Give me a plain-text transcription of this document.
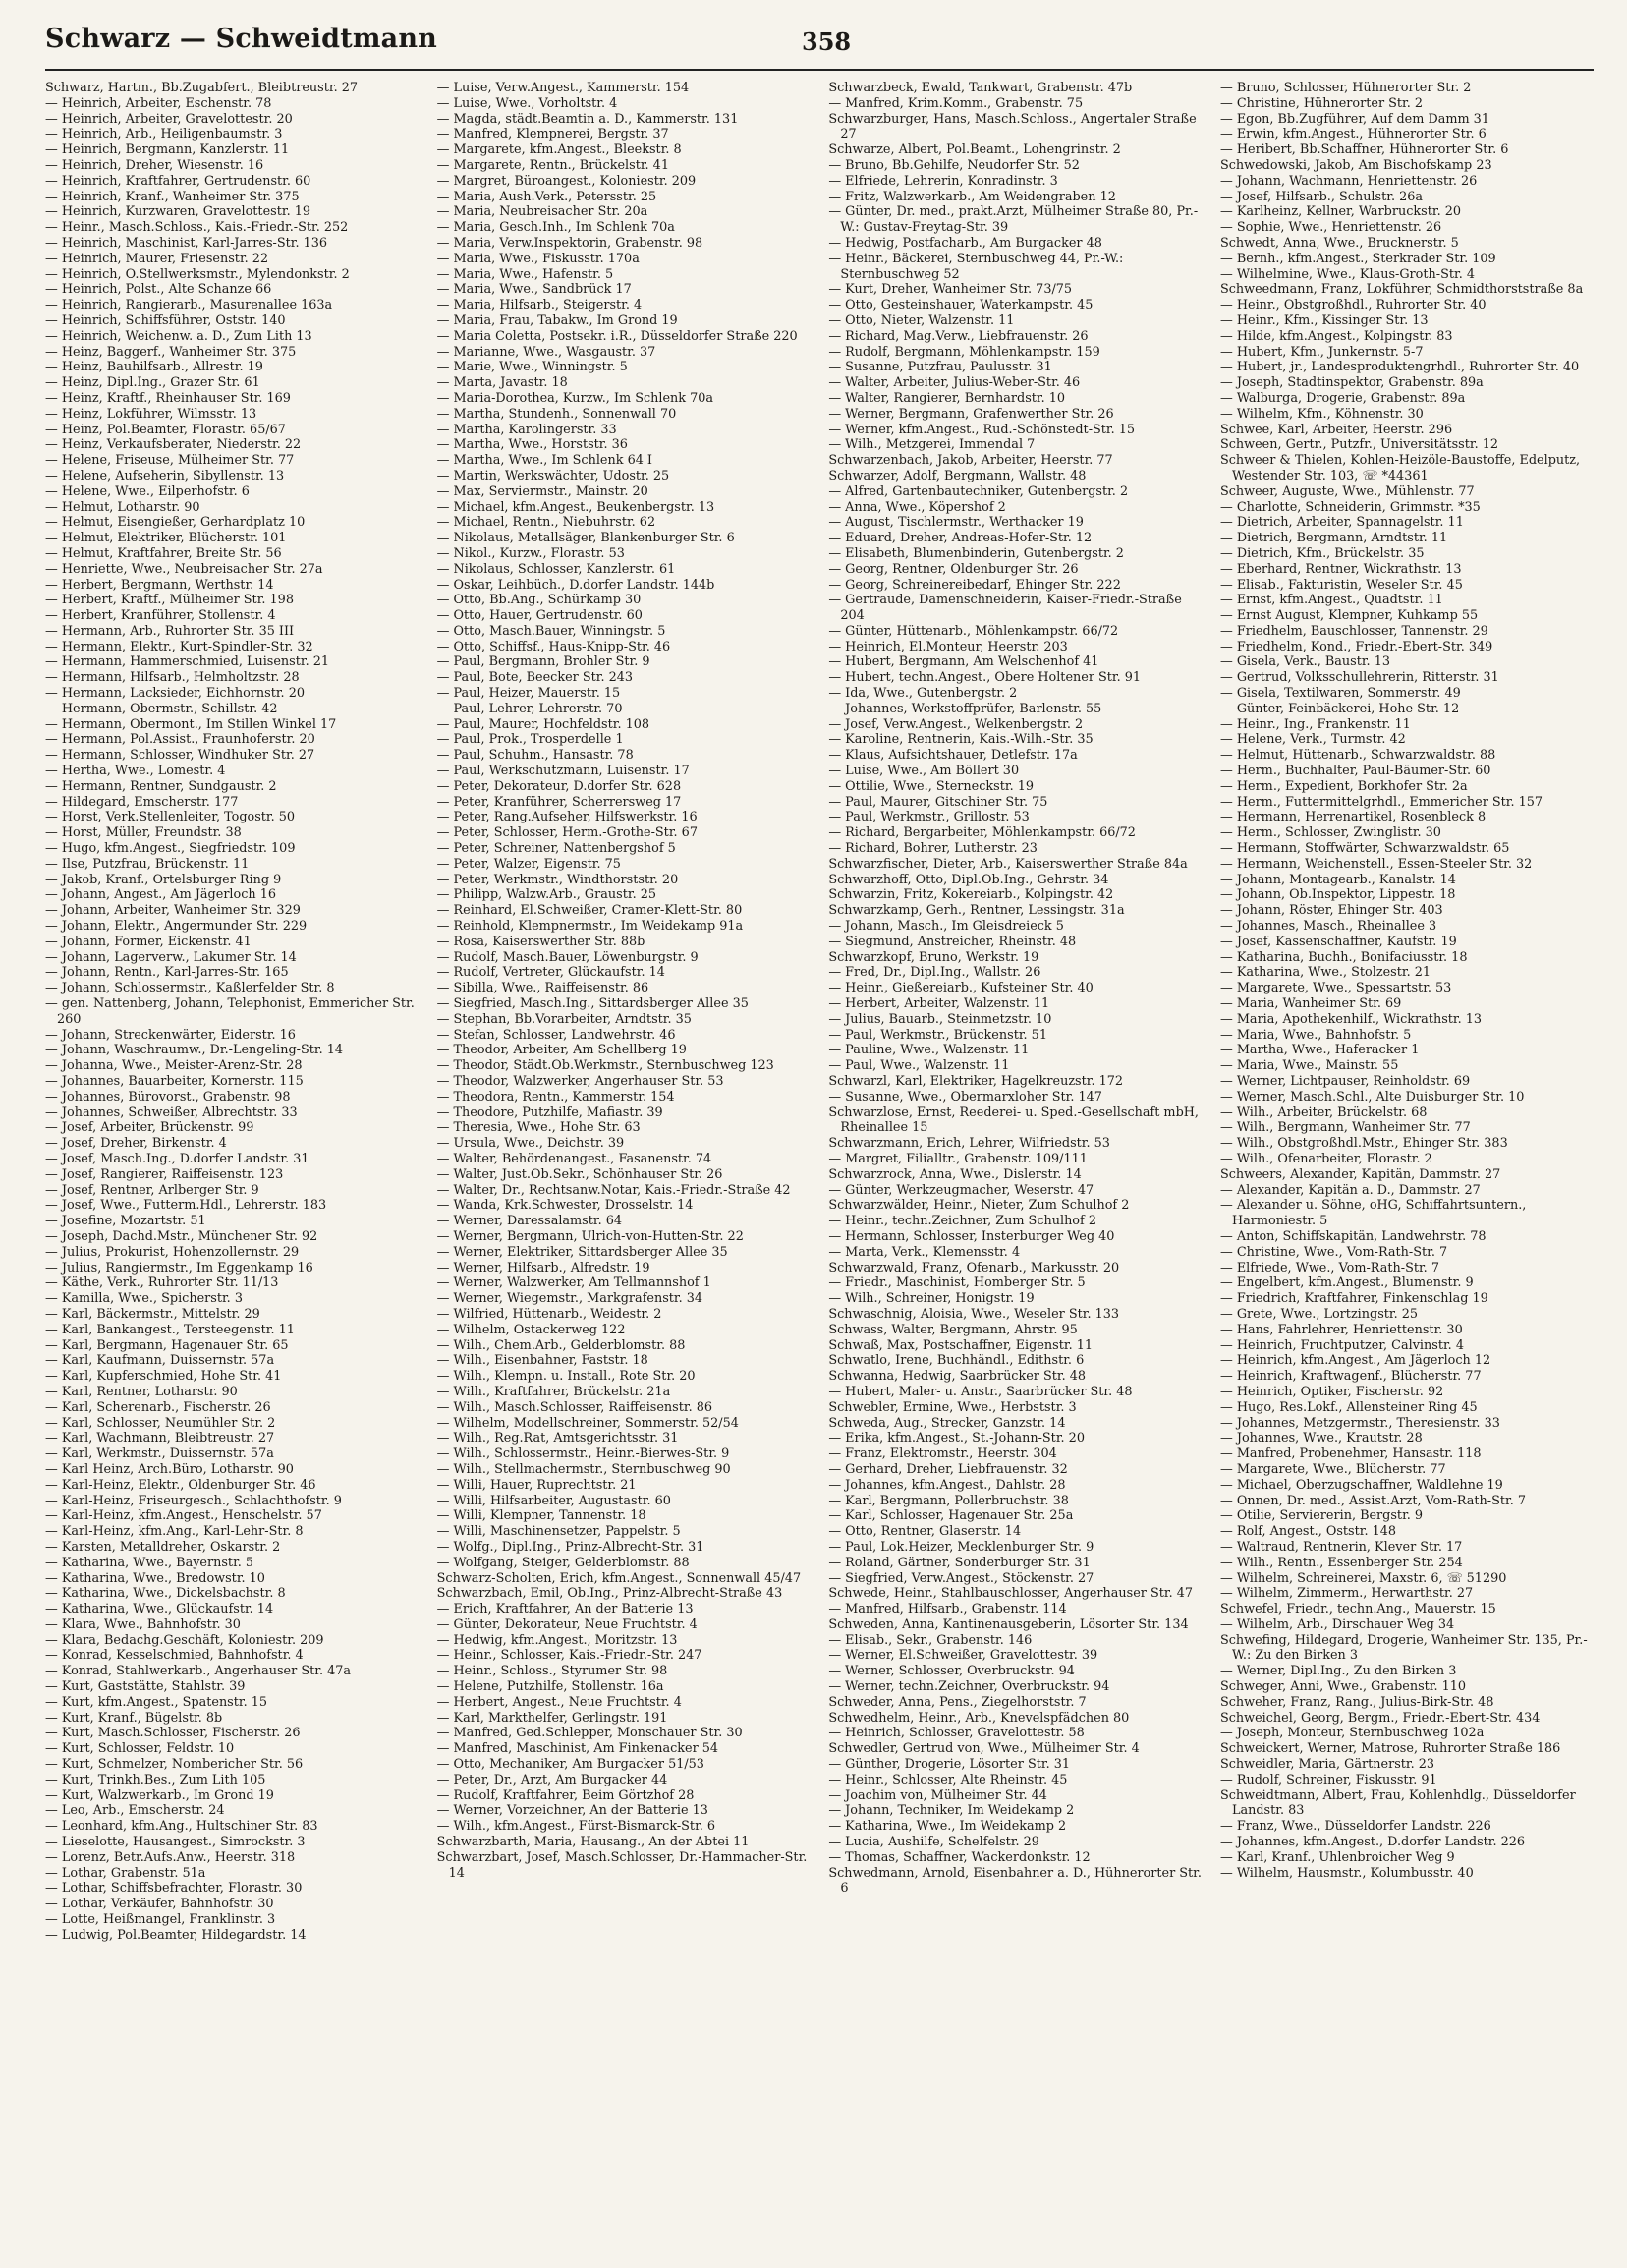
Schwarz — Schweidtmann	358

Schwarz, Hartm., Bb.Zugabfert., Bleibtreustr. 27

— Heinrich, Arbeiter, Eschenstr. 78

— Heinrich, Arbeiter, Gravelottestr. 20

— Heinrich, Arb., Heiligenbaumstr. 3

— Heinrich, Bergmann, Kanzlerstr. 11

— Heinrich, Dreher, Wiesenstr. 16

— Heinrich, Kraftfahrer, Gertrudenstr. 60

— Heinrich, Kranf., Wanheimer Str. 375

— Heinrich, Kurzwaren, Gravelottestr. 19

— Heinr., Masch.Schloss., Kais.-Friedr.-Str. 252

— Heinrich, Maschinist, Karl-Jarres-Str. 136

— Heinrich, Maurer, Friesenstr. 22

— Heinrich, O.Stellwerksmstr., Mylendonkstr. 2

— Heinrich, Polst., Alte Schanze 66

— Heinrich, Rangierarb., Masurenallee 163a

— Heinrich, Schiffsführer, Oststr. 140

— Heinrich, Weichenw. a. D., Zum Lith 13

— Heinz, Baggerf., Wanheimer Str. 375

— Heinz, Bauhilfsarb., Allrestr. 19

— Heinz, Dipl.Ing., Grazer Str. 61

— Heinz, Kraftf., Rheinhauser Str. 169

— Heinz, Lokführer, Wilmsstr. 13

— Heinz, Pol.Beamter, Florastr. 65/67

— Heinz, Verkaufsberater, Niederstr. 22

— Helene, Friseuse, Mülheimer Str. 77

— Helene, Aufseherin, Sibyllenstr. 13

— Helene, Wwe., Eilperhofstr. 6

— Helmut, Lotharstr. 90

— Helmut, Eisengießer, Gerhardplatz 10

— Helmut, Elektriker, Blücherstr. 101

— Helmut, Kraftfahrer, Breite Str. 56

— Henriette, Wwe., Neubreisacher Str. 27a

— Herbert, Bergmann, Werthstr. 14

— Herbert, Kraftf., Mülheimer Str. 198

— Herbert, Kranführer, Stollenstr. 4

— Hermann, Arb., Ruhrorter Str. 35 III

— Hermann, Elektr., Kurt-Spindler-Str. 32

— Hermann, Hammerschmied, Luisenstr. 21

— Hermann, Hilfsarb., Helmholtzstr. 28

— Hermann, Lacksieder, Eichhornstr. 20

— Hermann, Obermstr., Schillstr. 42

— Hermann, Obermont., Im Stillen Winkel 17

— Hermann, Pol.Assist., Fraunhoferstr. 20

— Hermann, Schlosser, Windhuker Str. 27

— Hertha, Wwe., Lomestr. 4

— Hermann, Rentner, Sundgaustr. 2

— Hildegard, Emscherstr. 177

— Horst, Verk.Stellenleiter, Togostr. 50

— Horst, Müller, Freundstr. 38

— Hugo, kfm.Angest., Siegfriedstr. 109

— Ilse, Putzfrau, Brückenstr. 11

— Jakob, Kranf., Ortelsburger Ring 9

— Johann, Angest., Am Jägerloch 16

— Johann, Arbeiter, Wanheimer Str. 329

— Johann, Elektr., Angermunder Str. 229

— Johann, Former, Eickenstr. 41

— Johann, Lagerverw., Lakumer Str. 14

— Johann, Rentn., Karl-Jarres-Str. 165

— Johann, Schlossermstr., Kaßlerfelder Str. 8

— gen. Nattenberg, Johann, Telephonist, Emmericher Str. 260

— Johann, Streckenwärter, Eiderstr. 16

— Johann, Waschraumw., Dr.-Lengeling-Str. 14

— Johanna, Wwe., Meister-Arenz-Str. 28

— Johannes, Bauarbeiter, Kornerstr. 115

— Johannes, Bürovorst., Grabenstr. 98

— Johannes, Schweißer, Albrechtstr. 33

— Josef, Arbeiter, Brückenstr. 99

— Josef, Dreher, Birkenstr. 4

— Josef, Masch.Ing., D.dorfer Landstr. 31

— Josef, Rangierer, Raiffeisenstr. 123

— Josef, Rentner, Arlberger Str. 9

— Josef, Wwe., Futterm.Hdl., Lehrerstr. 183

— Josefine, Mozartstr. 51

— Joseph, Dachd.Mstr., Münchener Str. 92

— Julius, Prokurist, Hohenzollernstr. 29

— Julius, Rangiermstr., Im Eggenkamp 16

— Käthe, Verk., Ruhrorter Str. 11/13

— Kamilla, Wwe., Spicherstr. 3

— Karl, Bäckermstr., Mittelstr. 29

— Karl, Bankangest., Tersteegenstr. 11

— Karl, Bergmann, Hagenauer Str. 65

— Karl, Kaufmann, Duissernstr. 57a

— Karl, Kupferschmied, Hohe Str. 41

— Karl, Rentner, Lotharstr. 90

— Karl, Scherenarb., Fischerstr. 26

— Karl, Schlosser, Neumühler Str. 2

— Karl, Wachmann, Bleibtreustr. 27

— Karl, Werkmstr., Duissernstr. 57a

— Karl Heinz, Arch.Büro, Lotharstr. 90

— Karl-Heinz, Elektr., Oldenburger Str. 46

— Karl-Heinz, Friseurgesch., Schlachthofstr. 9

— Karl-Heinz, kfm.Angest., Henschelstr. 57

— Karl-Heinz, kfm.Ang., Karl-Lehr-Str. 8

— Karsten, Metalldreher, Oskarstr. 2

— Katharina, Wwe., Bayernstr. 5

— Katharina, Wwe., Bredowstr. 10

— Katharina, Wwe., Dickelsbachstr. 8

— Katharina, Wwe., Glückaufstr. 14

— Klara, Wwe., Bahnhofstr. 30

— Klara, Bedachg.Geschäft, Koloniestr. 209

— Konrad, Kesselschmied, Bahnhofstr. 4

— Konrad, Stahlwerkarb., Angerhauser Str. 47a

— Kurt, Gaststätte, Stahlstr. 39

— Kurt, kfm.Angest., Spatenstr. 15

— Kurt, Kranf., Bügelstr. 8b

— Kurt, Masch.Schlosser, Fischerstr. 26

— Kurt, Schlosser, Feldstr. 10

— Kurt, Schmelzer, Nombericher Str. 56

— Kurt, Trinkh.Bes., Zum Lith 105

— Kurt, Walzwerkarb., Im Grond 19

— Leo, Arb., Emscherstr. 24

— Leonhard, kfm.Ang., Hultschiner Str. 83

— Lieselotte, Hausangest., Simrockstr. 3

— Lorenz, Betr.Aufs.Anw., Heerstr. 318

— Lothar, Grabenstr. 51a

— Lothar, Schiffsbefrachter, Florastr. 30

— Lothar, Verkäufer, Bahnhofstr. 30

— Lotte, Heißmangel, Franklinstr. 3

— Ludwig, Pol.Beamter, Hildegardstr. 14

— Luise, Verw.Angest., Kammerstr. 154

— Luise, Wwe., Vorholtstr. 4

— Magda, städt.Beamtin a. D., Kammerstr. 131

— Manfred, Klempnerei, Bergstr. 37

— Margarete, kfm.Angest., Bleekstr. 8

— Margarete, Rentn., Brückelstr. 41

— Margret, Büroangest., Koloniestr. 209

— Maria, Aush.Verk., Petersstr. 25

— Maria, Neubreisacher Str. 20a

— Maria, Gesch.Inh., Im Schlenk 70a

— Maria, Verw.Inspektorin, Grabenstr. 98

— Maria, Wwe., Fiskusstr. 170a

— Maria, Wwe., Hafenstr. 5

— Maria, Wwe., Sandbrück 17

— Maria, Hilfsarb., Steigerstr. 4

— Maria, Frau, Tabakw., Im Grond 19

— Maria Coletta, Postsekr. i.R., Düsseldorfer Straße 220

— Marianne, Wwe., Wasgaustr. 37

— Marie, Wwe., Winningstr. 5

— Marta, Javastr. 18

— Maria-Dorothea, Kurzw., Im Schlenk 70a

— Martha, Stundenh., Sonnenwall 70

— Martha, Karolingerstr. 33

— Martha, Wwe., Horststr. 36

— Martha, Wwe., Im Schlenk 64 I

— Martin, Werkswächter, Udostr. 25

— Max, Serviermstr., Mainstr. 20

— Michael, kfm.Angest., Beukenbergstr. 13

— Michael, Rentn., Niebuhrstr. 62

— Nikolaus, Metallsäger, Blankenburger Str. 6

— Nikol., Kurzw., Florastr. 53

— Nikolaus, Schlosser, Kanzlerstr. 61

— Oskar, Leihbüch., D.dorfer Landstr. 144b

— Otto, Bb.Ang., Schürkamp 30

— Otto, Hauer, Gertrudenstr. 60

— Otto, Masch.Bauer, Winningstr. 5

— Otto, Schiffsf., Haus-Knipp-Str. 46

— Paul, Bergmann, Brohler Str. 9

— Paul, Bote, Beecker Str. 243

— Paul, Heizer, Mauerstr. 15

— Paul, Lehrer, Lehrerstr. 70

— Paul, Maurer, Hochfeldstr. 108

— Paul, Prok., Trosperdelle 1

— Paul, Schuhm., Hansastr. 78

— Paul, Werkschutzmann, Luisenstr. 17

— Peter, Dekorateur, D.dorfer Str. 628

— Peter, Kranführer, Scherrersweg 17

— Peter, Rang.Aufseher, Hilfswerkstr. 16

— Peter, Schlosser, Herm.-Grothe-Str. 67

— Peter, Schreiner, Nattenbergshof 5

— Peter, Walzer, Eigenstr. 75

— Peter, Werkmstr., Windthorststr. 20

— Philipp, Walzw.Arb., Graustr. 25

— Reinhard, El.Schweißer, Cramer-Klett-Str. 80

— Reinhold, Klempnermstr., Im Weidekamp 91a

— Rosa, Kaiserswerther Str. 88b

— Rudolf, Masch.Bauer, Löwenburgstr. 9

— Rudolf, Vertreter, Glückaufstr. 14

— Sibilla, Wwe., Raiffeisenstr. 86

— Siegfried, Masch.Ing., Sittardsberger Allee 35

— Stephan, Bb.Vorarbeiter, Arndtstr. 35

— Stefan, Schlosser, Landwehrstr. 46

— Theodor, Arbeiter, Am Schellberg 19

— Theodor, Städt.Ob.Werkmstr., Sternbuschweg 123

— Theodor, Walzwerker, Angerhauser Str. 53

— Theodora, Rentn., Kammerstr. 154

— Theodore, Putzhilfe, Mafiastr. 39

— Theresia, Wwe., Hohe Str. 63

— Ursula, Wwe., Deichstr. 39

— Walter, Behördenangest., Fasanenstr. 74

— Walter, Just.Ob.Sekr., Schönhauser Str. 26

— Walter, Dr., Rechtsanw.Notar, Kais.-Friedr.-Straße 42

— Wanda, Krk.Schwester, Drosselstr. 14

— Werner, Daressalamstr. 64

— Werner, Bergmann, Ulrich-von-Hutten-Str. 22

— Werner, Elektriker, Sittardsberger Allee 35

— Werner, Hilfsarb., Alfredstr. 19

— Werner, Walzwerker, Am Tellmannshof 1

— Werner, Wiegemstr., Markgrafenstr. 34

— Wilfried, Hüttenarb., Weidestr. 2

— Wilhelm, Ostackerweg 122

— Wilh., Chem.Arb., Gelderblomstr. 88

— Wilh., Eisenbahner, Faststr. 18

— Wilh., Klempn. u. Install., Rote Str. 20

— Wilh., Kraftfahrer, Brückelstr. 21a

— Wilh., Masch.Schlosser, Raiffeisenstr. 86

— Wilhelm, Modellschreiner, Sommerstr. 52/54

— Wilh., Reg.Rat, Amtsgerichtsstr. 31

— Wilh., Schlossermstr., Heinr.-Bierwes-Str. 9

— Wilh., Stellmachermstr., Sternbuschweg 90

— Willi, Hauer, Ruprechtstr. 21

— Willi, Hilfsarbeiter, Augustastr. 60

— Willi, Klempner, Tannenstr. 18

— Willi, Maschinensetzer, Pappelstr. 5

— Wolfg., Dipl.Ing., Prinz-Albrecht-Str. 31

— Wolfgang, Steiger, Gelderblomstr. 88

Schwarz-Scholten, Erich, kfm.Angest., Sonnenwall 45/47

Schwarzbach, Emil, Ob.Ing., Prinz-Albrecht-Straße 43

— Erich, Kraftfahrer, An der Batterie 13

— Günter, Dekorateur, Neue Fruchtstr. 4

— Hedwig, kfm.Angest., Moritzstr. 13

— Heinr., Schlosser, Kais.-Friedr.-Str. 247

— Heinr., Schloss., Styrumer Str. 98

— Helene, Putzhilfe, Stollenstr. 16a

— Herbert, Angest., Neue Fruchtstr. 4

— Karl, Markthelfer, Gerlingstr. 191

— Manfred, Ged.Schlepper, Monschauer Str. 30

— Manfred, Maschinist, Am Finkenacker 54

— Otto, Mechaniker, Am Burgacker 51/53

— Peter, Dr., Arzt, Am Burgacker 44

— Rudolf, Kraftfahrer, Beim Görtzhof 28

— Werner, Vorzeichner, An der Batterie 13

— Wilh., kfm.Angest., Fürst-Bismarck-Str. 6

Schwarzbarth, Maria, Hausang., An der Abtei 11

Schwarzbart, Josef, Masch.Schlosser, Dr.-Hammacher-Str. 14

Schwarzbeck, Ewald, Tankwart, Grabenstr. 47b

— Manfred, Krim.Komm., Grabenstr. 75

Schwarzburger, Hans, Masch.Schloss., Angertaler Straße 27

Schwarze, Albert, Pol.Beamt., Lohengrinstr. 2

— Bruno, Bb.Gehilfe, Neudorfer Str. 52

— Elfriede, Lehrerin, Konradinstr. 3

— Fritz, Walzwerkarb., Am Weidengraben 12

— Günter, Dr. med., prakt.Arzt, Mülheimer Straße 80, Pr.-W.: Gustav-Freytag-Str. 39

— Hedwig, Postfacharb., Am Burgacker 48

— Heinr., Bäckerei, Sternbuschweg 44, Pr.-W.: Sternbuschweg 52

— Kurt, Dreher, Wanheimer Str. 73/75

— Otto, Gesteinshauer, Waterkampstr. 45

— Otto, Nieter, Walzenstr. 11

— Richard, Mag.Verw., Liebfrauenstr. 26

— Rudolf, Bergmann, Möhlenkampstr. 159

— Susanne, Putzfrau, Paulusstr. 31

— Walter, Arbeiter, Julius-Weber-Str. 46

— Walter, Rangierer, Bernhardstr. 10

— Werner, Bergmann, Grafenwerther Str. 26

— Werner, kfm.Angest., Rud.-Schönstedt-Str. 15

— Wilh., Metzgerei, Immendal 7

Schwarzenbach, Jakob, Arbeiter, Heerstr. 77

Schwarzer, Adolf, Bergmann, Wallstr. 48

— Alfred, Gartenbautechniker, Gutenbergstr. 2

— Anna, Wwe., Köpershof 2

— August, Tischlermstr., Werthacker 19

— Eduard, Dreher, Andreas-Hofer-Str. 12

— Elisabeth, Blumenbinderin, Gutenbergstr. 2

— Georg, Rentner, Oldenburger Str. 26

— Georg, Schreinereibedarf, Ehinger Str. 222

— Gertraude, Damenschneiderin, Kaiser-Friedr.-Straße 204

— Günter, Hüttenarb., Möhlenkampstr. 66/72

— Heinrich, El.Monteur, Heerstr. 203

— Hubert, Bergmann, Am Welschenhof 41

— Hubert, techn.Angest., Obere Holtener Str. 91

— Ida, Wwe., Gutenbergstr. 2

— Johannes, Werkstoffprüfer, Barlenstr. 55

— Josef, Verw.Angest., Welkenbergstr. 2

— Karoline, Rentnerin, Kais.-Wilh.-Str. 35

— Klaus, Aufsichtshauer, Detlefstr. 17a

— Luise, Wwe., Am Böllert 30

— Ottilie, Wwe., Sterneckstr. 19

— Paul, Maurer, Gitschiner Str. 75

— Paul, Werkmstr., Grillostr. 53

— Richard, Bergarbeiter, Möhlenkampstr. 66/72

— Richard, Bohrer, Lutherstr. 23

Schwarzfischer, Dieter, Arb., Kaiserswerther Straße 84a

Schwarzhoff, Otto, Dipl.Ob.Ing., Gehrstr. 34

Schwarzin, Fritz, Kokereiarb., Kolpingstr. 42

Schwarzkamp, Gerh., Rentner, Lessingstr. 31a

— Johann, Masch., Im Gleisdreieck 5

— Siegmund, Anstreicher, Rheinstr. 48

Schwarzkopf, Bruno, Werkstr. 19

— Fred, Dr., Dipl.Ing., Wallstr. 26

— Heinr., Gießereiarb., Kufsteiner Str. 40

— Herbert, Arbeiter, Walzenstr. 11

— Julius, Bauarb., Steinmetzstr. 10

— Paul, Werkmstr., Brückenstr. 51

— Pauline, Wwe., Walzenstr. 11

— Paul, Wwe., Walzenstr. 11

Schwarzl, Karl, Elektriker, Hagelkreuzstr. 172

— Susanne, Wwe., Obermarxloher Str. 147

Schwarzlose, Ernst, Reederei- u. Sped.-Gesellschaft mbH, Rheinallee 15

Schwarzmann, Erich, Lehrer, Wilfriedstr. 53

— Margret, Filialltr., Grabenstr. 109/111

Schwarzrock, Anna, Wwe., Dislerstr. 14

— Günter, Werkzeugmacher, Weserstr. 47

Schwarzwälder, Heinr., Nieter, Zum Schulhof 2

— Heinr., techn.Zeichner, Zum Schulhof 2

— Hermann, Schlosser, Insterburger Weg 40

— Marta, Verk., Klemensstr. 4

Schwarzwald, Franz, Ofenarb., Markusstr. 20

— Friedr., Maschinist, Homberger Str. 5

— Wilh., Schreiner, Honigstr. 19

Schwaschnig, Aloisia, Wwe., Weseler Str. 133

Schwass, Walter, Bergmann, Ahrstr. 95

Schwaß, Max, Postschaffner, Eigenstr. 11

Schwatlo, Irene, Buchhändl., Edithstr. 6

Schwanna, Hedwig, Saarbrücker Str. 48

— Hubert, Maler- u. Anstr., Saarbrücker Str. 48

Schwebler, Ermine, Wwe., Herbststr. 3

Schweda, Aug., Strecker, Ganzstr. 14

— Erika, kfm.Angest., St.-Johann-Str. 20

— Franz, Elektromstr., Heerstr. 304

— Gerhard, Dreher, Liebfrauenstr. 32

— Johannes, kfm.Angest., Dahlstr. 28

— Karl, Bergmann, Pollerbruchstr. 38

— Karl, Schlosser, Hagenauer Str. 25a

— Otto, Rentner, Glaserstr. 14

— Paul, Lok.Heizer, Mecklenburger Str. 9

— Roland, Gärtner, Sonderburger Str. 31

— Siegfried, Verw.Angest., Stöckenstr. 27

Schwede, Heinr., Stahlbauschlosser, Angerhauser Str. 47

— Manfred, Hilfsarb., Grabenstr. 114

Schweden, Anna, Kantinenausgeberin, Lösorter Str. 134

— Elisab., Sekr., Grabenstr. 146

— Werner, El.Schweißer, Gravelottestr. 39

— Werner, Schlosser, Overbruckstr. 94

— Werner, techn.Zeichner, Overbruckstr. 94

Schweder, Anna, Pens., Ziegelhorststr. 7

Schwedhelm, Heinr., Arb., Knevelspfädchen 80

— Heinrich, Schlosser, Gravelottestr. 58

Schwedler, Gertrud von, Wwe., Mülheimer Str. 4

— Günther, Drogerie, Lösorter Str. 31

— Heinr., Schlosser, Alte Rheinstr. 45

— Joachim von, Mülheimer Str. 44

— Johann, Techniker, Im Weidekamp 2

— Katharina, Wwe., Im Weidekamp 2

— Lucia, Aushilfe, Schelfelstr. 29

— Thomas, Schaffner, Wackerdonkstr. 12

Schwedmann, Arnold, Eisenbahner a. D., Hühnerorter Str. 6

— Bruno, Schlosser, Hühnerorter Str. 2

— Christine, Hühnerorter Str. 2

— Egon, Bb.Zugführer, Auf dem Damm 31

— Erwin, kfm.Angest., Hühnerorter Str. 6

— Heribert, Bb.Schaffner, Hühnerorter Str. 6

Schwedowski, Jakob, Am Bischofskamp 23

— Johann, Wachmann, Henriettenstr. 26

— Josef, Hilfsarb., Schulstr. 26a

— Karlheinz, Kellner, Warbruckstr. 20

— Sophie, Wwe., Henriettenstr. 26

Schwedt, Anna, Wwe., Brucknerstr. 5

— Bernh., kfm.Angest., Sterkrader Str. 109

— Wilhelmine, Wwe., Klaus-Groth-Str. 4

Schweedmann, Franz, Lokführer, Schmidthorststraße 8a

— Heinr., Obstgroßhdl., Ruhrorter Str. 40

— Heinr., Kfm., Kissinger Str. 13

— Hilde, kfm.Angest., Kolpingstr. 83

— Hubert, Kfm., Junkernstr. 5-7

— Hubert, jr., Landesproduktengrhdl., Ruhrorter Str. 40

— Joseph, Stadtinspektor, Grabenstr. 89a

— Walburga, Drogerie, Grabenstr. 89a

— Wilhelm, Kfm., Köhnenstr. 30

Schwee, Karl, Arbeiter, Heerstr. 296

Schween, Gertr., Putzfr., Universitätsstr. 12

Schweer & Thielen, Kohlen-Heizöle-Baustoffe, Edelputz, Westender Str. 103, ☏ *44361

Schweer, Auguste, Wwe., Mühlenstr. 77

— Charlotte, Schneiderin, Grimmstr. *35

— Dietrich, Arbeiter, Spannagelstr. 11

— Dietrich, Bergmann, Arndtstr. 11

— Dietrich, Kfm., Brückelstr. 35

— Eberhard, Rentner, Wickrathstr. 13

— Elisab., Fakturistin, Weseler Str. 45

— Ernst, kfm.Angest., Quadtstr. 11

— Ernst August, Klempner, Kuhkamp 55

— Friedhelm, Bauschlosser, Tannenstr. 29

— Friedhelm, Kond., Friedr.-Ebert-Str. 349

— Gisela, Verk., Baustr. 13

— Gertrud, Volksschullehrerin, Ritterstr. 31

— Gisela, Textilwaren, Sommerstr. 49

— Günter, Feinbäckerei, Hohe Str. 12

— Heinr., Ing., Frankenstr. 11

— Helene, Verk., Turmstr. 42

— Helmut, Hüttenarb., Schwarzwaldstr. 88

— Herm., Buchhalter, Paul-Bäumer-Str. 60

— Herm., Expedient, Borkhofer Str. 2a

— Herm., Futtermittelgrhdl., Emmericher Str. 157

— Hermann, Herrenartikel, Rosenbleck 8

— Herm., Schlosser, Zwinglistr. 30

— Hermann, Stoffwärter, Schwarzwaldstr. 65

— Hermann, Weichenstell., Essen-Steeler Str. 32

— Johann, Montagearb., Kanalstr. 14

— Johann, Ob.Inspektor, Lippestr. 18

— Johann, Röster, Ehinger Str. 403

— Johannes, Masch., Rheinallee 3

— Josef, Kassenschaffner, Kaufstr. 19

— Katharina, Buchh., Bonifaciusstr. 18

— Katharina, Wwe., Stolzestr. 21

— Margarete, Wwe., Spessartstr. 53

— Maria, Wanheimer Str. 69

— Maria, Apothekenhilf., Wickrathstr. 13

— Maria, Wwe., Bahnhofstr. 5

— Martha, Wwe., Haferacker 1

— Maria, Wwe., Mainstr. 55

— Werner, Lichtpauser, Reinholdstr. 69

— Werner, Masch.Schl., Alte Duisburger Str. 10

— Wilh., Arbeiter, Brückelstr. 68

— Wilh., Bergmann, Wanheimer Str. 77

— Wilh., Obstgroßhdl.Mstr., Ehinger Str. 383

— Wilh., Ofenarbeiter, Florastr. 2

Schweers, Alexander, Kapitän, Dammstr. 27

— Alexander, Kapitän a. D., Dammstr. 27

— Alexander u. Söhne, oHG, Schiffahrtsuntern., Harmoniestr. 5

— Anton, Schiffskapitän, Landwehrstr. 78

— Christine, Wwe., Vom-Rath-Str. 7

— Elfriede, Wwe., Vom-Rath-Str. 7

— Engelbert, kfm.Angest., Blumenstr. 9

— Friedrich, Kraftfahrer, Finkenschlag 19

— Grete, Wwe., Lortzingstr. 25

— Hans, Fahrlehrer, Henriettenstr. 30

— Heinrich, Fruchtputzer, Calvinstr. 4

— Heinrich, kfm.Angest., Am Jägerloch 12

— Heinrich, Kraftwagenf., Blücherstr. 77

— Heinrich, Optiker, Fischerstr. 92

— Hugo, Res.Lokf., Allensteiner Ring 45

— Johannes, Metzgermstr., Theresienstr. 33

— Johannes, Wwe., Krautstr. 28

— Manfred, Probenehmer, Hansastr. 118

— Margarete, Wwe., Blücherstr. 77

— Michael, Oberzugschaffner, Waldlehne 19

— Onnen, Dr. med., Assist.Arzt, Vom-Rath-Str. 7

— Otilie, Serviererin, Bergstr. 9

— Rolf, Angest., Oststr. 148

— Waltraud, Rentnerin, Klever Str. 17

— Wilh., Rentn., Essenberger Str. 254

— Wilhelm, Schreinerei, Maxstr. 6, ☏ 51290

— Wilhelm, Zimmerm., Herwarthstr. 27

Schwefel, Friedr., techn.Ang., Mauerstr. 15

— Wilhelm, Arb., Dirschauer Weg 34

Schwefing, Hildegard, Drogerie, Wanheimer Str. 135, Pr.-W.: Zu den Birken 3

— Werner, Dipl.Ing., Zu den Birken 3

Schweger, Anni, Wwe., Grabenstr. 110

Schweher, Franz, Rang., Julius-Birk-Str. 48

Schweichel, Georg, Bergm., Friedr.-Ebert-Str. 434

— Joseph, Monteur, Sternbuschweg 102a

Schweickert, Werner, Matrose, Ruhrorter Straße 186

Schweidler, Maria, Gärtnerstr. 23

— Rudolf, Schreiner, Fiskusstr. 91

Schweidtmann, Albert, Frau, Kohlenhdlg., Düsseldorfer Landstr. 83

— Franz, Wwe., Düsseldorfer Landstr. 226

— Johannes, kfm.Angest., D.dorfer Landstr. 226

— Karl, Kranf., Uhlenbroicher Weg 9

— Wilhelm, Hausmstr., Kolumbusstr. 40
